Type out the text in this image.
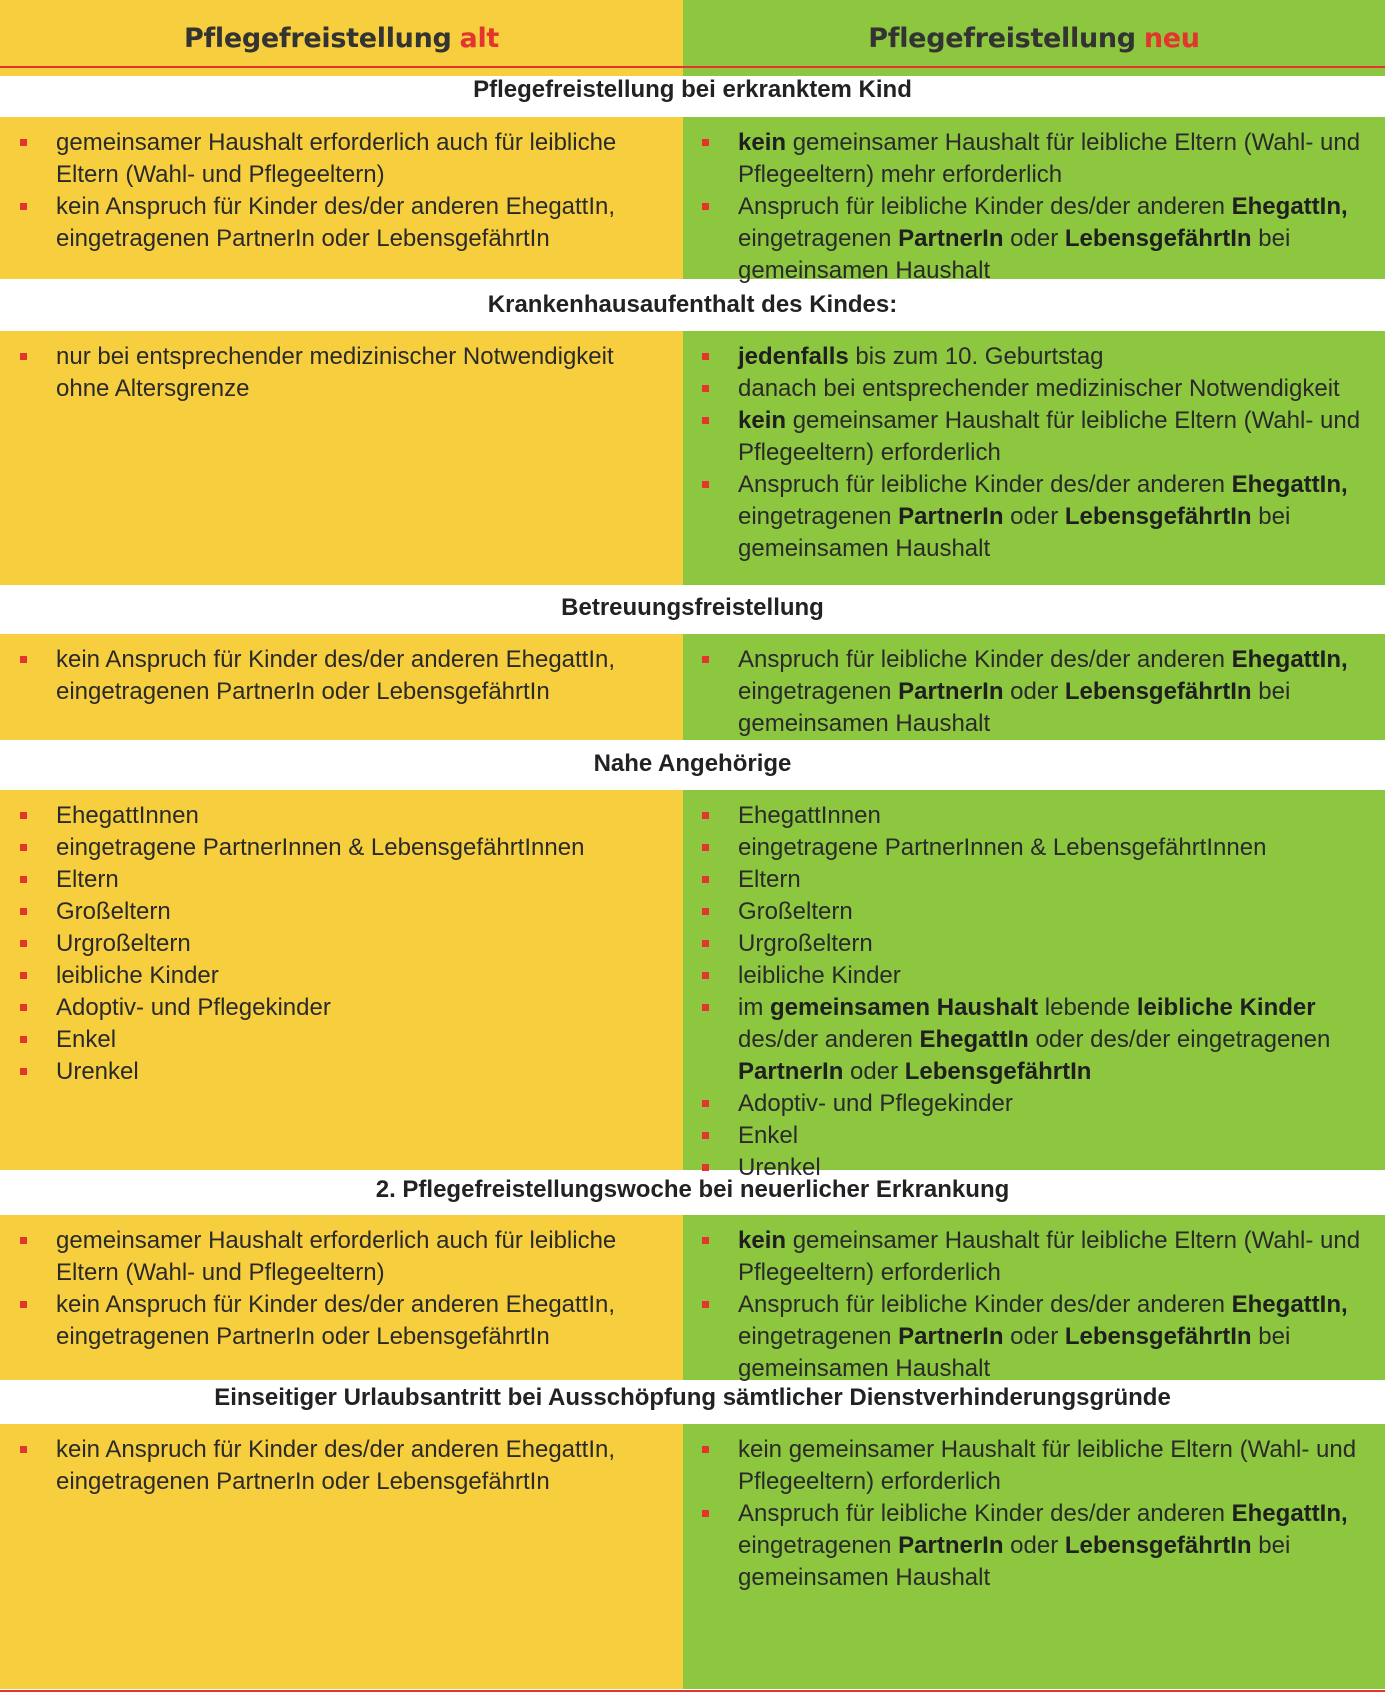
Pflegefreistellung alt	Pflegefreistellung neu
Pflegefreistellung bei erkranktem Kind
gemeinsamer Haushalt erforderlich auch für leibliche Eltern (Wahl- und Pflegeeltern)
kein Anspruch für Kinder des/der anderen EhegattIn, eingetragenen PartnerIn oder LebensgefährtIn
kein gemeinsamer Haushalt für leibliche Eltern (Wahl- und Pflegeeltern) mehr erforderlich
Anspruch für leibliche Kinder des/der anderen EhegattIn, eingetragenen PartnerIn oder LebensgefährtIn bei gemeinsamen Haushalt
Krankenhausaufenthalt des Kindes:
nur bei entsprechender medizinischer Notwendigkeit ohne Altersgrenze
jedenfalls bis zum 10. Geburtstag
danach bei entsprechender medizinischer Notwendigkeit
kein gemeinsamer Haushalt für leibliche Eltern (Wahl- und Pflegeeltern) erforderlich
Anspruch für leibliche Kinder des/der anderen EhegattIn, eingetragenen PartnerIn oder LebensgefährtIn bei gemeinsamen Haushalt
Betreuungsfreistellung
kein Anspruch für Kinder des/der anderen EhegattIn, eingetragenen PartnerIn oder LebensgefährtIn
Anspruch für leibliche Kinder des/der anderen EhegattIn, eingetragenen PartnerIn oder LebensgefährtIn bei gemeinsamen Haushalt
Nahe Angehörige
EhegattInnen
eingetragene PartnerInnen & LebensgefährtInnen
Eltern
Großeltern
Urgroßeltern
leibliche Kinder
Adoptiv- und Pflegekinder
Enkel
Urenkel
EhegattInnen
eingetragene PartnerInnen & LebensgefährtInnen
Eltern
Großeltern
Urgroßeltern
leibliche Kinder
im gemeinsamen Haushalt lebende leibliche Kinder des/der anderen EhegattIn oder des/der eingetragenen PartnerIn oder LebensgefährtIn
Adoptiv- und Pflegekinder
Enkel
Urenkel
2. Pflegefreistellungswoche bei neuerlicher Erkrankung
gemeinsamer Haushalt erforderlich auch für leibliche Eltern (Wahl- und Pflegeeltern)
kein Anspruch für Kinder des/der anderen EhegattIn, eingetragenen PartnerIn oder LebensgefährtIn
kein gemeinsamer Haushalt für leibliche Eltern (Wahl- und Pflegeeltern) erforderlich
Anspruch für leibliche Kinder des/der anderen EhegattIn, eingetragenen PartnerIn oder LebensgefährtIn bei gemeinsamen Haushalt
Einseitiger Urlaubsantritt bei Ausschöpfung sämtlicher Dienstverhinderungsgründe
kein Anspruch für Kinder des/der anderen EhegattIn, eingetragenen PartnerIn oder LebensgefährtIn
kein gemeinsamer Haushalt für leibliche Eltern (Wahl- und Pflegeeltern) erforderlich
Anspruch für leibliche Kinder des/der anderen EhegattIn, eingetragenen PartnerIn oder LebensgefährtIn bei gemeinsamen Haushalt
